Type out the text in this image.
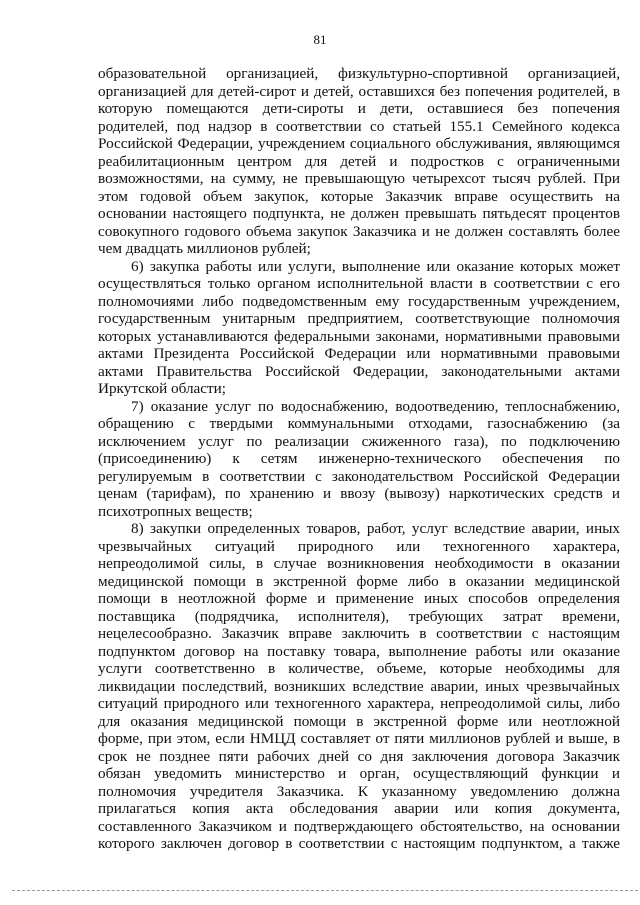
81

образовательной организацией, физкультурно-спортивной организацией,
организацией для детей-сирот и детей, оставшихся без попечения родителей, в
которую помещаются дети-сироты и дети, оставшиеся без попечения
родителей, под надзор в соответствии со статьей 155.1 Семейного кодекса
Российской Федерации, учреждением социального обслуживания, являющимся
реабилитационным центром для детей и подростков с ограниченными
возможностями, на сумму, не превышающую четырехсот тысяч рублей. При
этом годовой объем закупок, которые Заказчик вправе осуществить на
основании настоящего подпункта, не должен превышать пятьдесят процентов
совокупного годового объема закупок Заказчика и не должен составлять более
чем двадцать миллионов рублей;

6) закупка работы или услуги, выполнение или оказание которых может
осуществляться только органом исполнительной власти в соответствии с его
полномочиями либо подведомственным ему государственным учреждением,
государственным унитарным предприятием, соответствующие полномочия
которых устанавливаются федеральными законами, нормативными правовыми
актами Президента Российской Федерации или нормативными правовыми
актами Правительства Российской Федерации, законодательными актами
Иркутской области;

7) оказание услуг по водоснабжению, водоотведению, теплоснабжению,
обращению с твердыми коммунальными отходами, газоснабжению (за
исключением услуг по реализации сжиженного газа), по подключению
(присоединению) к сетям инженерно-технического обеспечения по
регулируемым в соответствии с законодательством Российской Федерации
ценам (тарифам), по хранению и ввозу (вывозу) наркотических средств и
психотропных веществ;

8) закупки определенных товаров, работ, услуг вследствие аварии, иных
чрезвычайных ситуаций природного или техногенного характера,
непреодолимой силы, в случае возникновения необходимости в оказании
медицинской помощи в экстренной форме либо в оказании медицинской
помощи в неотложной форме и применение иных способов определения
поставщика (подрядчика, исполнителя), требующих затрат времени,
нецелесообразно. Заказчик вправе заключить в соответствии с настоящим
подпунктом договор на поставку товара, выполнение работы или оказание
услуги соответственно в количестве, объеме, которые необходимы для
ликвидации последствий, возникших вследствие аварии, иных чрезвычайных
ситуаций природного или техногенного характера, непреодолимой силы, либо
для оказания медицинской помощи в экстренной форме или неотложной
форме, при этом, если НМЦД составляет от пяти миллионов рублей и выше, в
срок не позднее пяти рабочих дней со дня заключения договора Заказчик
обязан уведомить министерство и орган, осуществляющий функции и
полномочия учредителя Заказчика. К указанному уведомлению должна
прилагаться копия акта обследования аварии или копия документа,
составленного Заказчиком и подтверждающего обстоятельство, на основании
которого заключен договор в соответствии с настоящим подпунктом, а также
